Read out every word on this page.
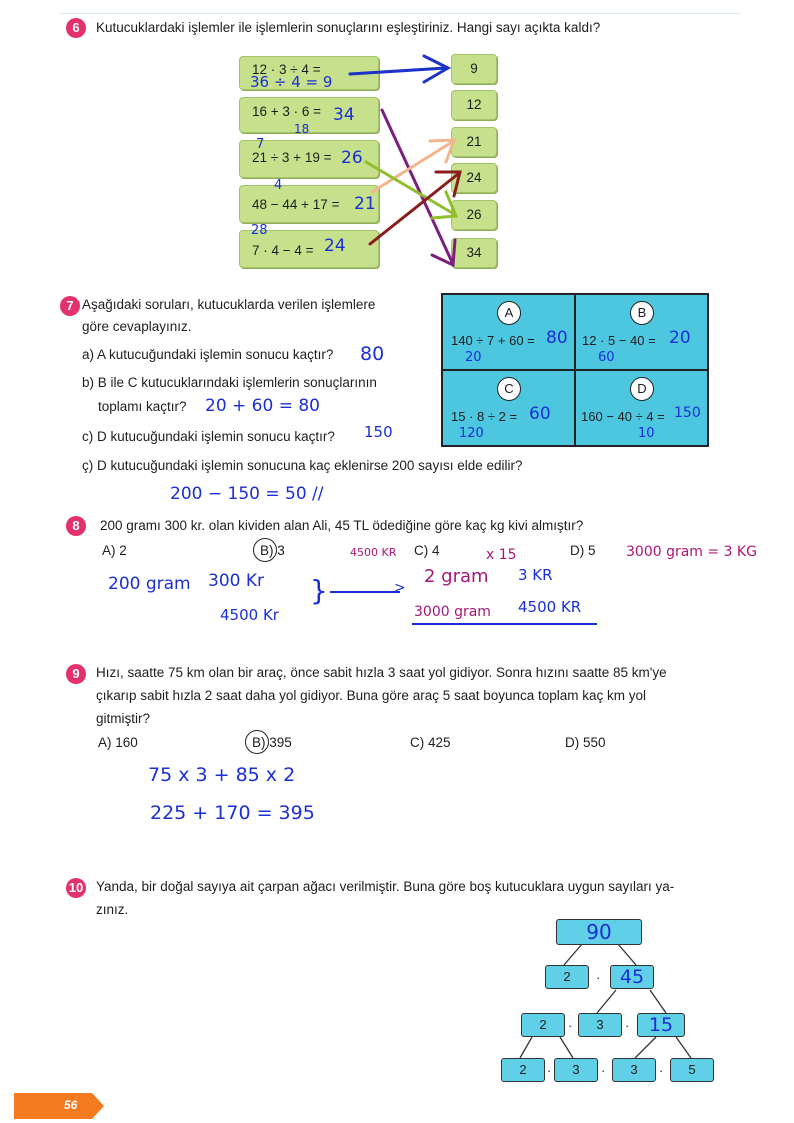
6	Kutucuklardaki işlemler ile işlemlerin sonuçlarını eşleştiriniz. Hangi sayı açıkta kaldı?
12 · 3 ÷ 4 =
16 + 3 · 6 =
21 ÷ 3 + 19 =
48 − 44 + 17 =
7 · 4 − 4 =
9
12
21
24
26
34
36 ÷ 4 = 9
18
34
7
26
4
21
28
24
7 Aşağıdaki soruları, kutucuklarda verilen işlemlere
göre cevaplayınız.
a) A kutucuğundaki işlemin sonucu kaçtır? 80
b) B ile C kutucuklarındaki işlemlerin sonuçlarının
toplamı kaçtır? 20 + 60 = 80
c) D kutucuğundaki işlemin sonucu kaçtır? 150
ç) D kutucuğundaki işlemin sonucuna kaç eklenirse 200 sayısı elde edilir?
200 − 150 = 50 //
A
140 ÷ 7 + 60 = 80
20
B
12 · 5 − 40 = 20
60
C
15 · 8 ÷ 2 = 60
120
D
160 − 40 ÷ 4 = 150
10
8	200 gramı 300 kr. olan kividen alan Ali, 45 TL ödediğine göre kaç kg kivi almıştır?
A) 2	B) 3	C) 4	D) 5
4500 KR	x 15	3000 gram = 3 KG
200 gram 300 Kr
4500 Kr
}	>
2 gram 3 KR
3000 gram 4500 KR
9	Hızı, saatte 75 km olan bir araç, önce sabit hızla 3 saat yol gidiyor. Sonra hızını saatte 85 km'ye
çıkarıp sabit hızla 2 saat daha yol gidiyor. Buna göre araç 5 saat boyunca toplam kaç km yol
gitmiştir?
A) 160	B) 395	C) 425	D) 550
75 x 3 + 85 x 2
225 + 170 = 395
10 Yanda, bir doğal sayıya ait çarpan ağacı verilmiştir. Buna göre boş kutucuklara uygun sayıları ya-
zınız.
90
2	·	45
2	·	3	·	15
2	·	3	·	3	·	5
56
